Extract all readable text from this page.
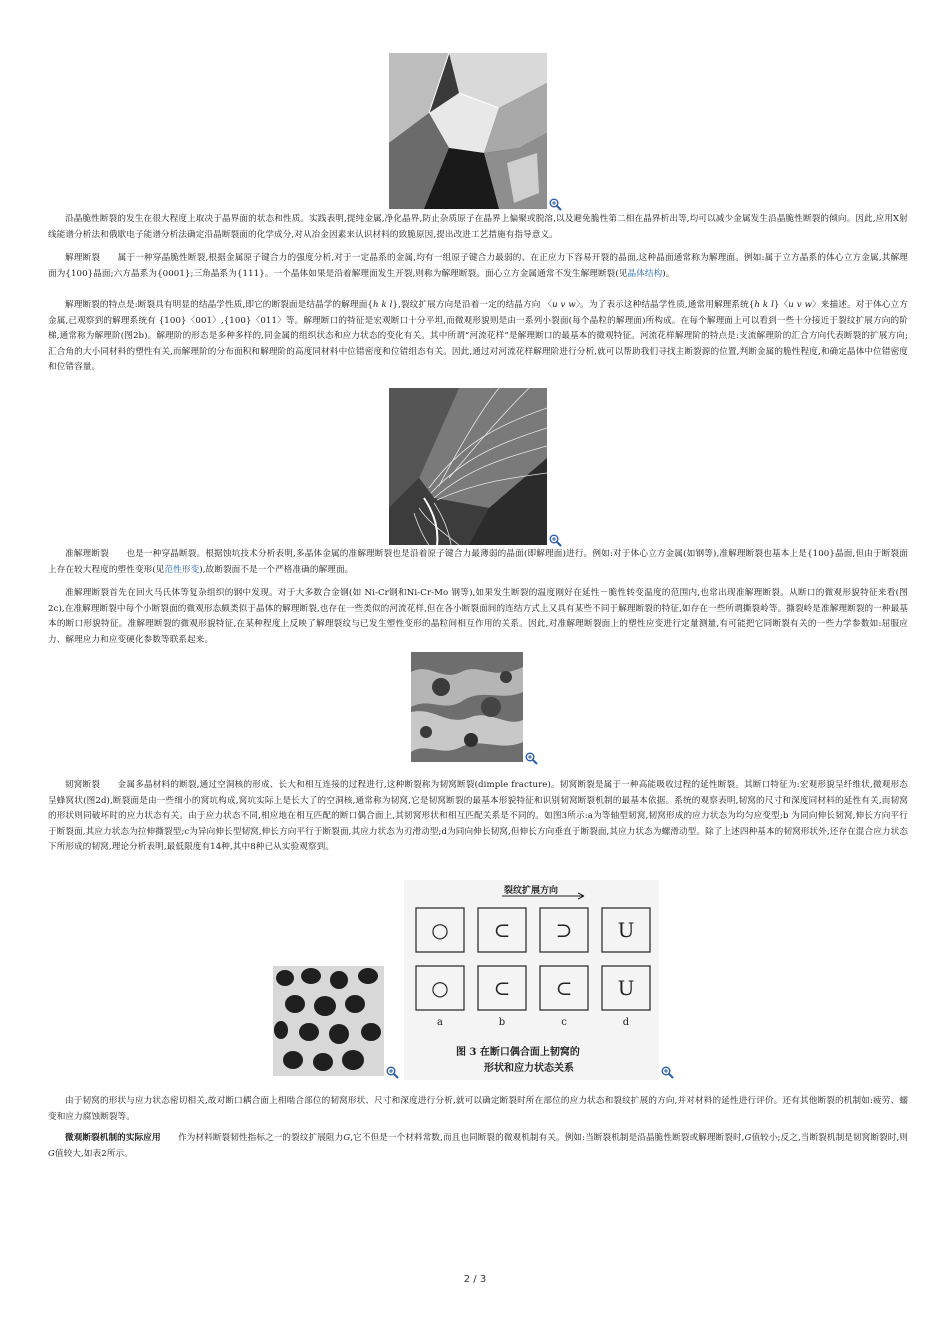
沿晶脆性断裂的发生在很大程度上取决于晶界面的状态和性质。实践表明,提纯金属,净化晶界,防止杂质原子在晶界上偏聚或脱溶,以及避免脆性第二相在晶界析出等,均可以减少金属发生沿晶脆性断裂的倾向。因此,应用X射线能谱分析法和俄歇电子能谱分析法确定沿晶断裂面的化学成分,对从冶金因素来认识材料的致脆原因,提出改进工艺措施有指导意义。

解理断裂　　属于一种穿晶脆性断裂,根据金属原子键合力的强度分析,对于一定晶系的金属,均有一组原子键合力最弱的、在正应力下容易开裂的晶面,这种晶面通常称为解理面。例如:属于立方晶系的体心立方金属,其解理面为{100}晶面;六方晶系为{0001};三角晶系为{111}。一个晶体如果是沿着解理面发生开裂,则称为解理断裂。面心立方金属通常不发生解理断裂(见晶体结构)。

解理断裂的特点是:断裂具有明显的结晶学性质,即它的断裂面是结晶学的解理面{h k l},裂纹扩展方向是沿着一定的结晶方向 〈u v w〉。为了表示这种结晶学性质,通常用解理系统{h k l}〈u v w〉来描述。对于体心立方金属,已观察到的解理系统有 {100}〈001〉,{100}〈011〉等。解理断口的特征是宏观断口十分平坦,而微观形貌则是由一系列小裂面(每个晶粒的解理面)所构成。在每个解理面上可以看到一些十分接近于裂纹扩展方向的阶梯,通常称为解理阶(图2b)。解理阶的形态是多种多样的,同金属的组织状态和应力状态的变化有关。其中所谓“河流花样”是解理断口的最基本的微观特征。河流花样解理阶的特点是:支流解理阶的汇合方向代表断裂的扩展方向;汇合角的大小同材料的塑性有关,而解理阶的分布面积和解理阶的高度同材料中位错密度和位错组态有关。因此,通过对河流花样解理阶进行分析,就可以帮助我们寻找主断裂源的位置,判断金属的脆性程度,和确定晶体中位错密度和位错容量。

准解理断裂　　也是一种穿晶断裂。根据蚀坑技术分析表明,多晶体金属的准解理断裂也是沿着原子键合力最薄弱的晶面(即解理面)进行。例如:对于体心立方金属(如钢等),准解理断裂也基本上是{100}晶面,但由于断裂面上存在较大程度的塑性变形(见范性形变),故断裂面不是一个严格准确的解理面。

准解理断裂首先在回火马氏体等复杂组织的钢中发现。对于大多数合金钢(如 Ni-Cr钢和Ni-Cr-Mo 钢等),如果发生断裂的温度刚好在延性－脆性转变温度的范围内,也常出现准解理断裂。从断口的微观形貌特征来看(图2c),在准解理断裂中每个小断裂面的微观形态颇类似于晶体的解理断裂,也存在一些类似的河流花样,但在各小断裂面间的连结方式上又具有某些不同于解理断裂的特征,如存在一些所谓撕裂岭等。撕裂岭是准解理断裂的一种最基本的断口形貌特征。准解理断裂的微观形貌特征,在某种程度上反映了解理裂纹与已发生塑性变形的晶粒间相互作用的关系。因此,对准解理断裂面上的塑性应变进行定量测量,有可能把它同断裂有关的一些力学参数如:屈服应力、解理应力和应变硬化参数等联系起来。

韧窝断裂　　金属多晶材料的断裂,通过空洞核的形成、长大和相互连接的过程进行,这种断裂称为韧窝断裂(dimple fracture)。韧窝断裂是属于一种高能吸收过程的延性断裂。其断口特征为:宏观形貌呈纤维状,微观形态呈蜂窝状(图2d),断裂面是由一些细小的窝坑构成,窝坑实际上是长大了的空洞核,通常称为韧窝,它是韧窝断裂的最基本形貌特征和识别韧窝断裂机制的最基本依据。系统的观察表明,韧窝的尺寸和深度同材料的延性有关,而韧窝的形状则同破坏时的应力状态有关。由于应力状态不同,相应地在相互匹配的断口偶合面上,其韧窝形状和相互匹配关系是不同的。如图3所示:a为等轴型韧窝,韧窝形成的应力状态为均匀应变型;b 为同向伸长韧窝,伸长方向平行于断裂面,其应力状态为拉伸撕裂型;c为异向伸长型韧窝,伸长方向平行于断裂面,其应力状态为刃滑动型;d为同向伸长韧窝,但伸长方向垂直于断裂面,其应力状态为螺滑动型。除了上述四种基本的韧窝形状外,还存在混合应力状态下所形成的韧窝,理论分析表明,最低限度有14种,其中8种已从实验观察到。

裂纹扩展方向
○ ⊂ ⊃ U
○ ⊂ ⊂ U
a	b	c	d
图 3 在断口偶合面上韧窝的
形状和应力状态关系

由于韧窝的形状与应力状态密切相关,故对断口耦合面上相啮合部位的韧窝形状、尺寸和深度进行分析,就可以确定断裂时所在部位的应力状态和裂纹扩展的方向,并对材料的延性进行评价。还有其他断裂的机制如:疲劳、蠕变和应力腐蚀断裂等。

微观断裂机制的实际应用　　作为材料断裂韧性指标之一的裂纹扩展阻力G,它不但是一个材料常数,而且也同断裂的微观机制有关。例如:当断裂机制是沿晶脆性断裂或解理断裂时,G值较小;反之,当断裂机制是韧窝断裂时,则G值较大,如表2所示。

2 / 3
